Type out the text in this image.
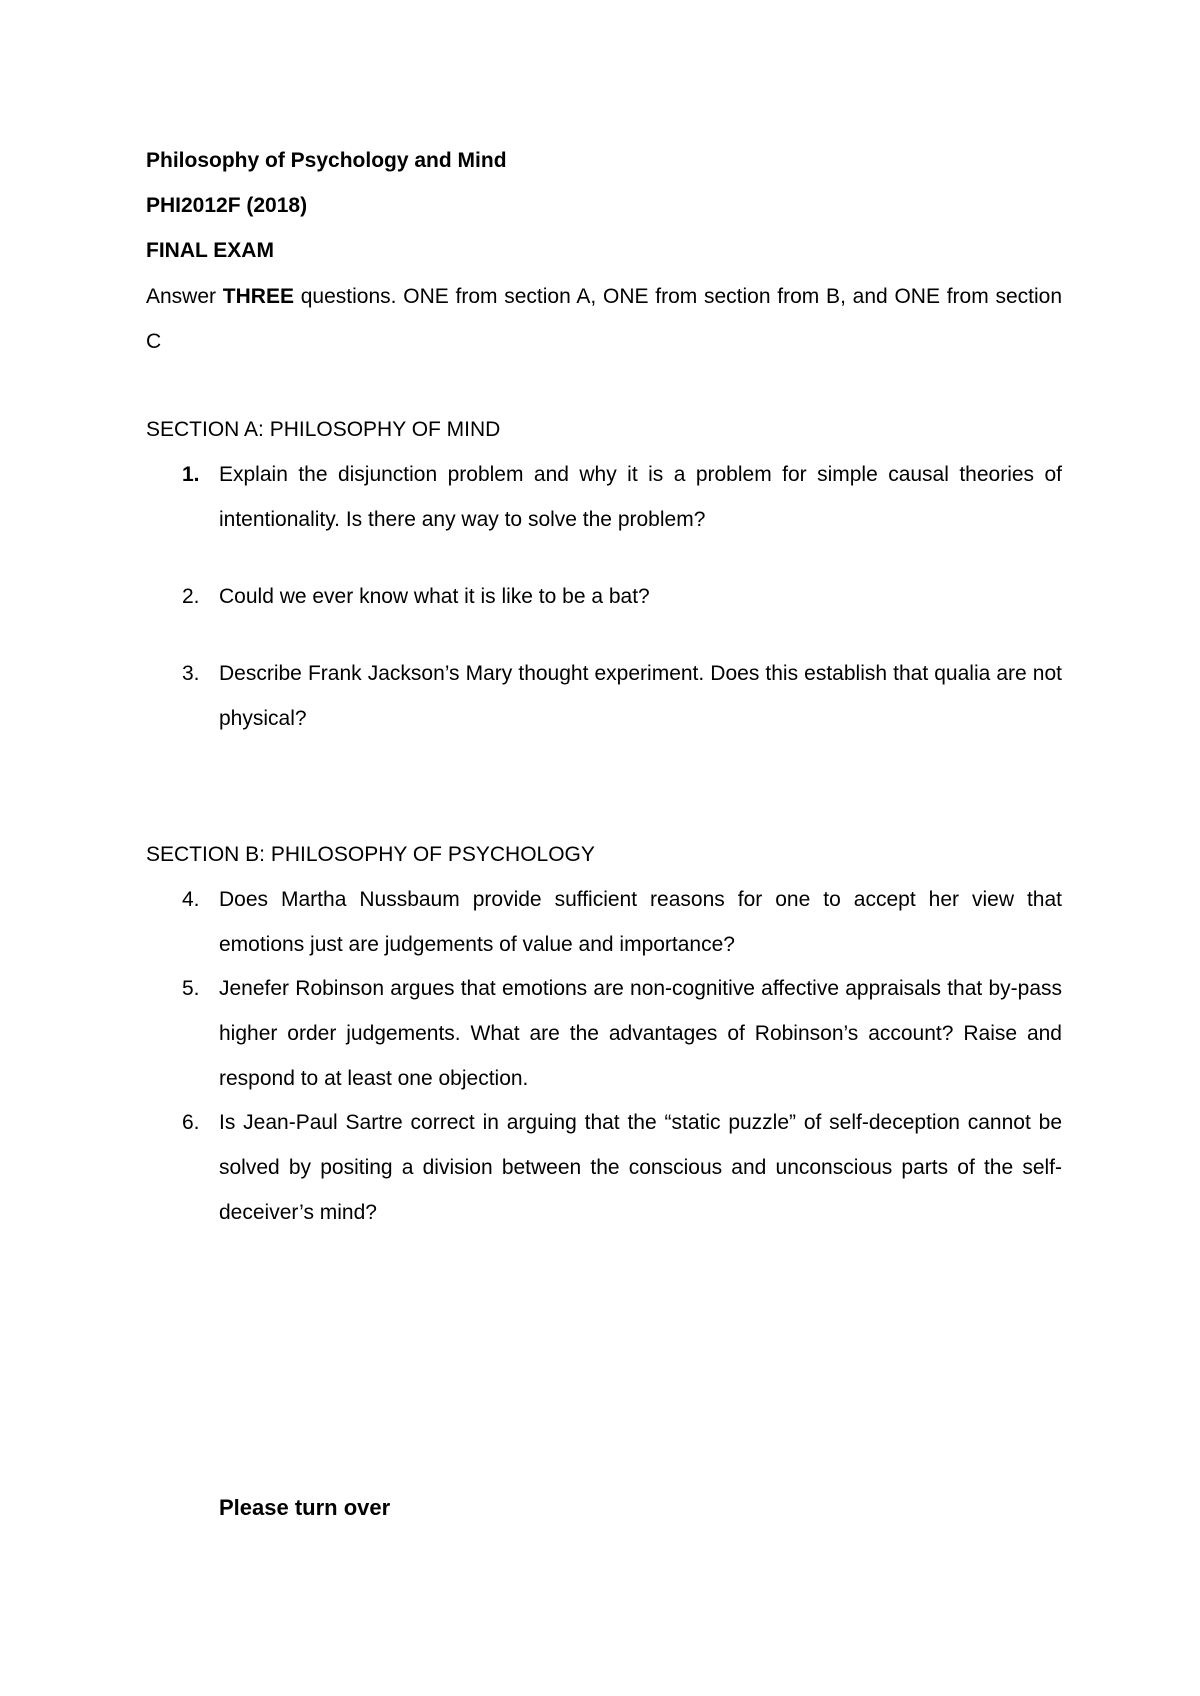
Philosophy of Psychology and Mind
PHI2012F (2018)
FINAL EXAM
Answer THREE questions. ONE from section A, ONE from section from B, and ONE from section C
SECTION A: PHILOSOPHY OF MIND
1. Explain the disjunction problem and why it is a problem for simple causal theories of intentionality. Is there any way to solve the problem?
2. Could we ever know what it is like to be a bat?
3. Describe Frank Jackson’s Mary thought experiment. Does this establish that qualia are not physical?
SECTION B: PHILOSOPHY OF PSYCHOLOGY
4. Does Martha Nussbaum provide sufficient reasons for one to accept her view that emotions just are judgements of value and importance?
5. Jenefer Robinson argues that emotions are non-cognitive affective appraisals that by-pass higher order judgements. What are the advantages of Robinson’s account? Raise and respond to at least one objection.
6. Is Jean-Paul Sartre correct in arguing that the “static puzzle” of self-deception cannot be solved by positing a division between the conscious and unconscious parts of the self-deceiver’s mind?
Please turn over
